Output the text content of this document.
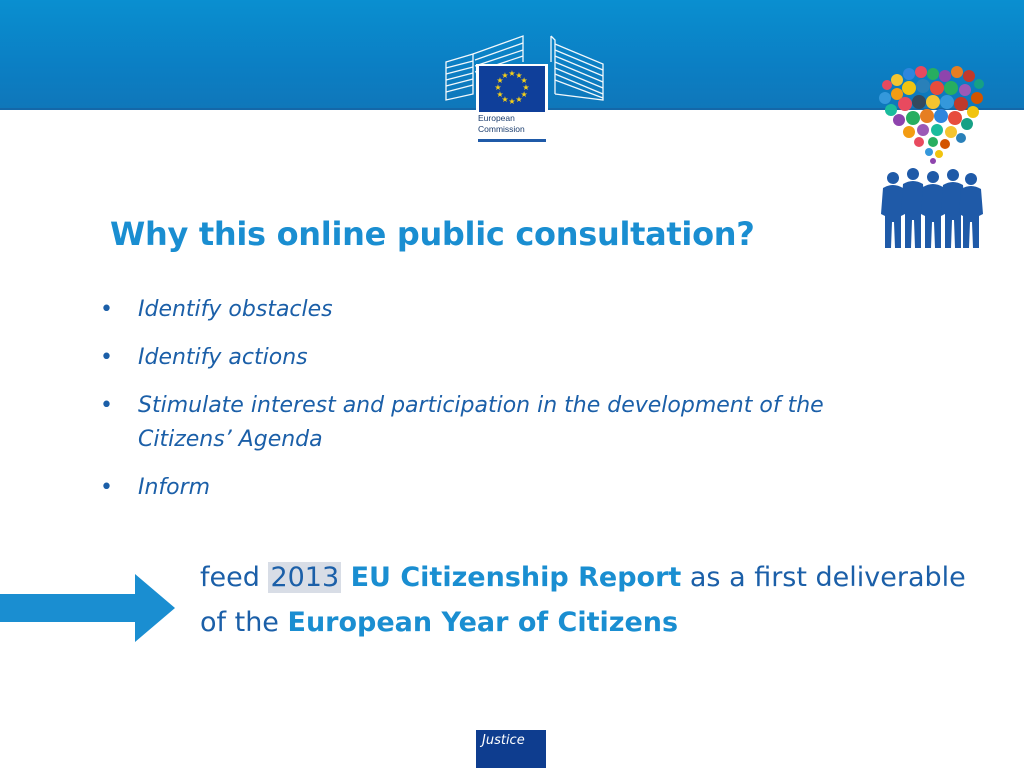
★ ★
★
★
★
★
★
★
★
★
★
★
European
Commission
Why this online public consultation?
• Identify obstacles
• Identify actions
• Stimulate interest and participation in the development of the Citizens’ Agenda
• Inform
feed 2013 EU Citizenship Report as a first deliverable of the European Year of Citizens
Justice
